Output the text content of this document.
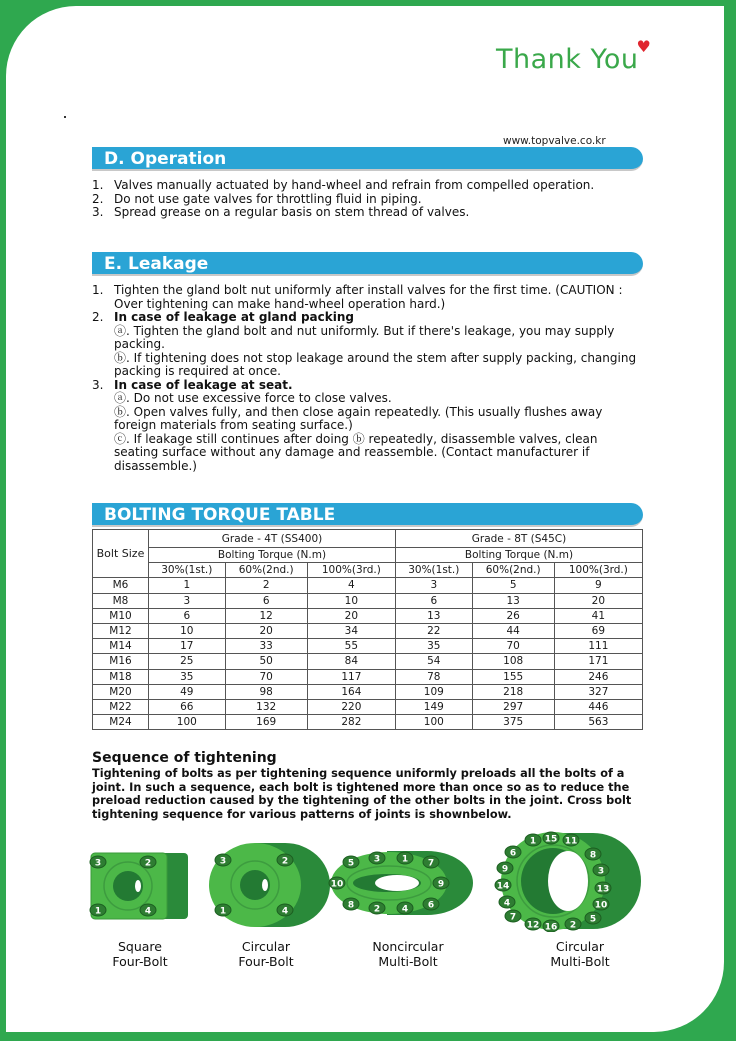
Thank You♥
www.topvalve.co.kr
D. Operation
1. Valves manually actuated by hand-wheel and refrain from compelled operation.
2. Do not use gate valves for throttling fluid in piping.
3. Spread grease on a regular basis on stem thread of valves.
E. Leakage
1. Tighten the gland bolt nut uniformly after install valves for the first time. (CAUTION : Over tightening can make hand-wheel operation hard.)
2. In case of leakage at gland packing
ⓐ. Tighten the gland bolt and nut uniformly. But if there's leakage, you may supply packing.
ⓑ. If tightening does not stop leakage around the stem after supply packing, changing packing is required at once.
3. In case of leakage at seat.
ⓐ. Do not use excessive force to close valves.
ⓑ. Open valves fully, and then close again repeatedly. (This usually flushes away foreign materials from seating surface.)
ⓒ. If leakage still continues after doing ⓑ repeatedly, disassemble valves, clean seating surface without any damage and reassemble. (Contact manufacturer if disassemble.)
BOLTING TORQUE TABLE
Bolt Size	Grade - 4T (SS400)			Grade - 8T (S45C)		
	Bolting Torque (N.m)			Bolting Torque (N.m)		
	30%(1st.)	60%(2nd.)	100%(3rd.)	30%(1st.)	60%(2nd.)	100%(3rd.)
M6	1	2	4	3	5	9
M8	3	6	10	6	13	20
M10	6	12	20	13	26	41
M12	10	20	34	22	44	69
M14	17	33	55	35	70	111
M16	25	50	84	54	108	171
M18	35	70	117	78	155	246
M20	49	98	164	109	218	327
M22	66	132	220	149	297	446
M24	100	169	282	100	375	563
Sequence of tightening
Tightening of bolts as per tightening sequence uniformly preloads all the bolts of a joint. In such a sequence, each bolt is tightened more than once so as to reduce the preload reduction caused by the tightening of the other bolts in the joint. Cross bolt tightening sequence for various patterns of joints is shownbelow.
3	2
1	4
3	2
1	4
5 3 1 7
10	9
8 2 4 6
1 15 11
6	8
9	3
14	13
4	10
7	5
12 16 2
Square
Four-Bolt
Circular
Four-Bolt
Noncircular
Multi-Bolt
Circular
Multi-Bolt
